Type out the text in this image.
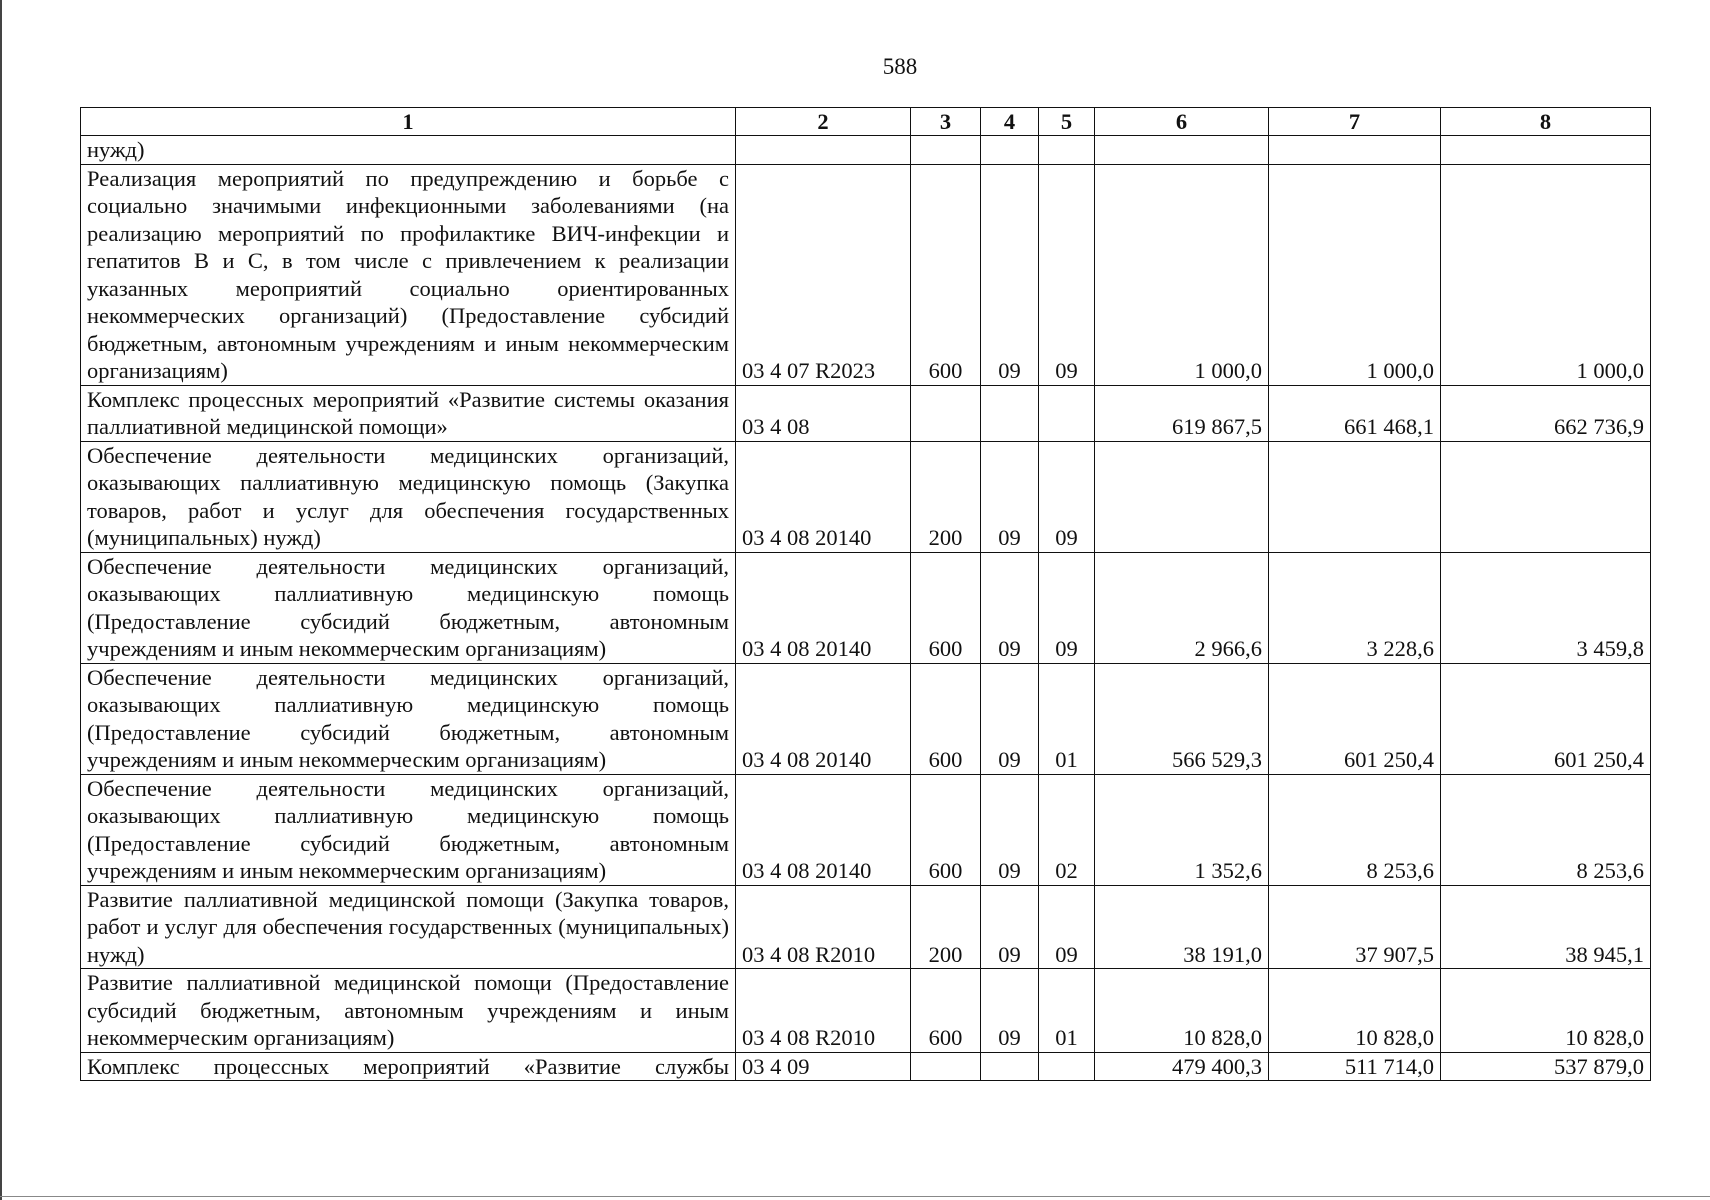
588
1	2	3	4	5	6	7	8
нужд)							
Реализация мероприятий по предупреждению и борьбе с социально значимыми инфекционными заболеваниями (на реализацию мероприятий по профилактике ВИЧ-инфекции и гепатитов В и С, в том числе с привлечением к реализации указанных мероприятий социально ориентированных некоммерческих организаций) (Предоставление субсидий бюджетным, автономным учреждениям и иным некоммерческим организациям)	03 4 07 R2023	600	09	09	1 000,0	1 000,0	1 000,0
Комплекс процессных мероприятий «Развитие системы оказания паллиативной медицинской помощи»	03 4 08				619 867,5	661 468,1	662 736,9
Обеспечение деятельности медицинских организаций, оказывающих паллиативную медицинскую помощь (Закупка товаров, работ и услуг для обеспечения государственных (муниципальных) нужд)	03 4 08 20140	200	09	09			
Обеспечение деятельности медицинских организаций, оказывающих паллиативную медицинскую помощь (Предоставление субсидий бюджетным, автономным учреждениям и иным некоммерческим организациям)	03 4 08 20140	600	09	09	2 966,6	3 228,6	3 459,8
Обеспечение деятельности медицинских организаций, оказывающих паллиативную медицинскую помощь (Предоставление субсидий бюджетным, автономным учреждениям и иным некоммерческим организациям)	03 4 08 20140	600	09	01	566 529,3	601 250,4	601 250,4
Обеспечение деятельности медицинских организаций, оказывающих паллиативную медицинскую помощь (Предоставление субсидий бюджетным, автономным учреждениям и иным некоммерческим организациям)	03 4 08 20140	600	09	02	1 352,6	8 253,6	8 253,6
Развитие паллиативной медицинской помощи (Закупка товаров, работ и услуг для обеспечения государственных (муниципальных) нужд)	03 4 08 R2010	200	09	09	38 191,0	37 907,5	38 945,1
Развитие паллиативной медицинской помощи (Предоставление субсидий бюджетным, автономным учреждениям и иным некоммерческим организациям)	03 4 08 R2010	600	09	01	10 828,0	10 828,0	10 828,0
Комплекс процессных мероприятий «Развитие службы	03 4 09				479 400,3	511 714,0	537 879,0
